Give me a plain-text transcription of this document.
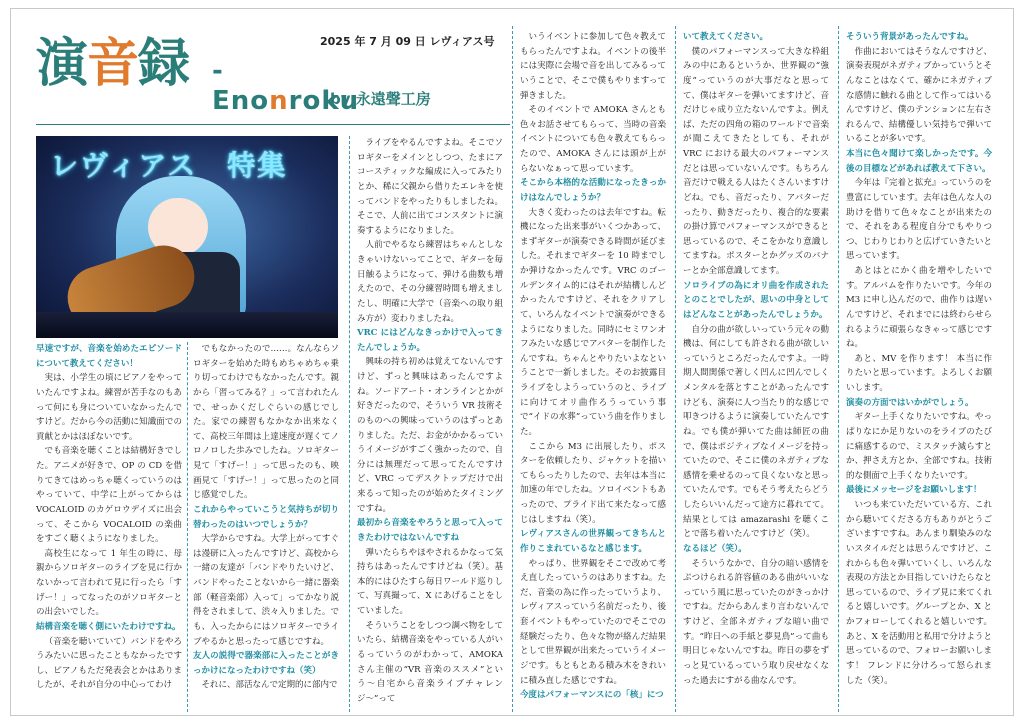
演音録 -Enonroku
2025 年 7 月 09 日 レヴィアス号
by 永遠聲工房
レヴィアス　特集

早速ですが、音楽を始めたエピソードについて教えてください！

実は、小学生の頃にピアノをやっていたんですよね。練習が苦手なのもあって何にも身についていなかったんですけど。だから今の活動に知識面での貢献とかはほぼないです。

でも音楽を聴くことは結構好きでした。アニメが好きで、OP の CD を借りてきてはめっちゃ聴くっていうのはやっていて、中学に上がってからは VOCALOID のカゲロウデイズに出会って、そこから VOCALOID の楽曲をすごく聴くようになりました。

高校生になって 1 年生の時に、母親からソロギターのライブを見に行かないかって言われて見に行ったら「すげー！」ってなったのがソロギターとの出会いでした。

結構音楽を聴く側にいたわけですね。

（音楽を聴いていて）バンドをやろうみたいに思ったこともなかったですし、ピアノもただ発表会とかはありましたが、それが自分の中心ってわけ

でもなかったので……。なんならソロギターを始めた時もめちゃめちゃ乗り切ってわけでもなかったんです。親から「習ってみる？」って言われたんで、せっかくだしぐらいの感じでした。家での練習もなかなか出来なくて、高校三年間は上達速度が遅くてノロノロした歩みでしたね。ソロギター見て「すげー！」って思ったのも、映画見て「すげー！」って思ったのと同じ感覚でした。

これからやっていこうと気持ちが切り替わったのはいつでしょうか？

大学からですね。大学上がってすぐは漫研に入ったんですけど、高校から一緒の友達が「バンドやりたいけど、バンドやったことないから一緒に器楽部（軽音楽部）入って」ってかなり説得をされまして、渋々入りました。でも、入ったからにはソロギターでライブやるかと思ったって感じですね。

友人の説得で器楽部に入ったことがきっかけになったわけですね（笑）

それに、部活なんで定期的に部内で

ライブをやるんですよね。そこでソロギターをメインとしつつ、たまにアコースティックな編成に入ってみたりとか、稀に父親から借りたエレキを使ってバンドをやったりもしましたね。そこで、人前に出てコンスタントに演奏するようになりました。

人前でやるなら練習はちゃんとしなきゃいけないってことで、ギターを毎日触るようになって、弾ける曲数も増えたので、その分練習時間も増えましたし、明確に大学で（音楽への取り組み方が）変わりましたね。

VRC にはどんなきっかけで入ってきたんでしょうか。

興味の持ち初めは覚えてないんですけど、ずっと興味はあったんですよね。ソードアート・オンラインとかが好きだったので、そういう VR 技術そのものへの興味っていうのはずっとありました。ただ、お金がかかるっていうイメージがすごく強かったので、自分には無理だって思ってたんですけど、VRC ってデスクトップだけで出来るって知ったのが始めたタイミングですね。

最初から音楽をやろうと思って入ってきたわけではないんですね

弾いたらちやほやされるかなって気持ちはあったんですけどね（笑）。基本的にはひたすら毎日ワールド巡りして、写真撮って、X にあげることをしていました。

そういうことをしつつ調べ物をしていたら、結構音楽をやっている人がいるっていうのがわかって、AMOKA さん主催の“VR 音楽のススメ”という〜自宅から音楽ライブチャレンジ〜”って

いうイベントに参加して色々教えてもらったんですよね。イベントの後半には実際に会場で音を出してみるっていうことで、そこで僕もやりますって弾きました。

そのイベントで AMOKA さんとも色々お話させてもらって、当時の音楽イベントについても色々教えてもらったので、AMOKA さんには頭が上がらないなぁって思っています。

そこから本格的な活動になったきっかけはなんでしょうか？

大きく変わったのは去年ですね。転機になった出来事がいくつかあって、まずギターが演奏できる時間が延びました。それまでギターを 10 時までしか弾けなかったんです。VRC のゴールデンタイム的にはそれが結構しんどかったんですけど、それをクリアして、いろんなイベントで演奏ができるようになりました。同時にセミワンオフみたいな感じでアバターを制作したんですね。ちゃんとやりたいよなということで一新しました。そのお披露目ライブをしようっていうのと、ライブに向けてオリ曲作ろうっていう事で“イドの水葬”っていう曲を作りました。

ここから M3 に出展したり、ポスターを依頼したり、ジャケットを描いてもらったりしたので、去年は本当に加速の年でしたね。ソロイベントもあったので、プライド出て来たなって感じはしますね（笑）。

レヴィアスさんの世界観ってきちんと作りこまれているなと感じます。

やっぱり、世界観をそこで改めて考え直したっていうのはありますね。ただ、音楽の為に作ったっていうより、レヴィアスっていう名前だったり、後套イベントもやっていたのでそこでの経験だったり、色々な物が絡んだ結果として世界観が出来たっていうイメージです。もともとある積み木をきれいに積み直した感じですね。

今度はパフォーマンスにの「核」につ

いて教えてください。

僕のパフォーマンスって大きな枠組みの中にあるというか、世界観の“強度”っていうのが大事だなと思ってて、僕はギターを弾いてますけど、音だけじゃ成り立たないんですよ。例えば、ただの四角の箱のワールドで音楽が聞こえてきたとしても、それが VRC における最大のパフォーマンスだとは思っていないんです。もちろん音だけで戦える人はたくさんいますけどね。でも、音だったり、アバターだったり、動きだったり、複合的な要素の掛け算でパフォーマンスができると思っているので、そこをかなり意識してますね。ポスターとかグッズのバナーとか全部意識してます。

ソロライブの為にオリ曲を作成されたとのことでしたが、思いの中身としてはどんなことがあったんでしょうか。

自分の曲が欲しいっていう元々の動機は、何にしても許される曲が欲しいっていうところだったんですよ。一時期人間関係で著しく凹んに凹んでしくメンタルを落とすことがあったんですけども、演奏に人つ当たり的な感じで叩きつけるように演奏していたんですね。でも僕が弾いてた曲は師匠の曲で、僕はポジティブなイメージを持っていたので、そこに僕のネガティブな感情を乗せるのって良くないなと思っていたんです。でもそう考えたらどうしたらいいんだって途方に暮れてて。結果としては amazarashi を聴くことで落ち着いたんですけど（笑）。

なるほど（笑）。

そういうなかで、自分の暗い感情をぶつけられる許容値のある曲がいいなっていう風に思っていたのがきっかけですね。だからあんまり言わないんですけど、全部ネガティブな暗い曲です。“昨日への手紙と夢見鳥”って曲も明日じゃないんですね。昨日の夢をずっと見ているっていう取り戻せなくなった過去にすがる曲なんです。

そういう背景があったんですね。

作曲においてはそうなんですけど、演奏表現がネガティブかっていうとそんなことはなくて、確かにネガティブな感情に触れる曲として作ってはいるんですけど、僕のテンションに左右されるんで、結構優しい気持ちで弾いていることが多いです。

本当に色々聞けて楽しかったです。今後の目標などがあれば教えて下さい。

今年は『完着と拡充』っていうのを豊富にしています。去年は色んな人の助けを借りて色々なことが出来たので、それをある程度自分でもやりつつ、じわりじわりと広げていきたいと思っています。

あとはとにかく曲を増やしたいです。アルバムを作りたいです。今年の M3 に申し込んだので、曲作りは遅いんですけど、それまでには終わらせられるように頑張らなきゃって感じですね。

あと、MV を作ります！ 本当に作りたいと思っています。よろしくお願いします。

演奏の方面ではいかがでしょう。

ギター上手くなりたいですね。やっぱりなにか足りないのをライブのたびに痛感するので、ミスタッチ減らすとか、押さえ方とか、全部ですね。技術的な側面で上手くなりたいです。

最後にメッセージをお願いします！

いつも来ていただいている方、これから聴いてくださる方もありがとうございますですね。あんまり馴染みのないスタイルだとは思うんですけど、これからも色々弾いていくし、いろんな表現の方法とか目指していけたらなと思っているので、ライブ見に来てくれると嬉しいです。グループとか、X とかフォローしてくれると嬉しいです。あと、X を活動用と私用で分けようと思っているので、フォローお願いします！ フレンドに分けろって怒られました（笑）。
